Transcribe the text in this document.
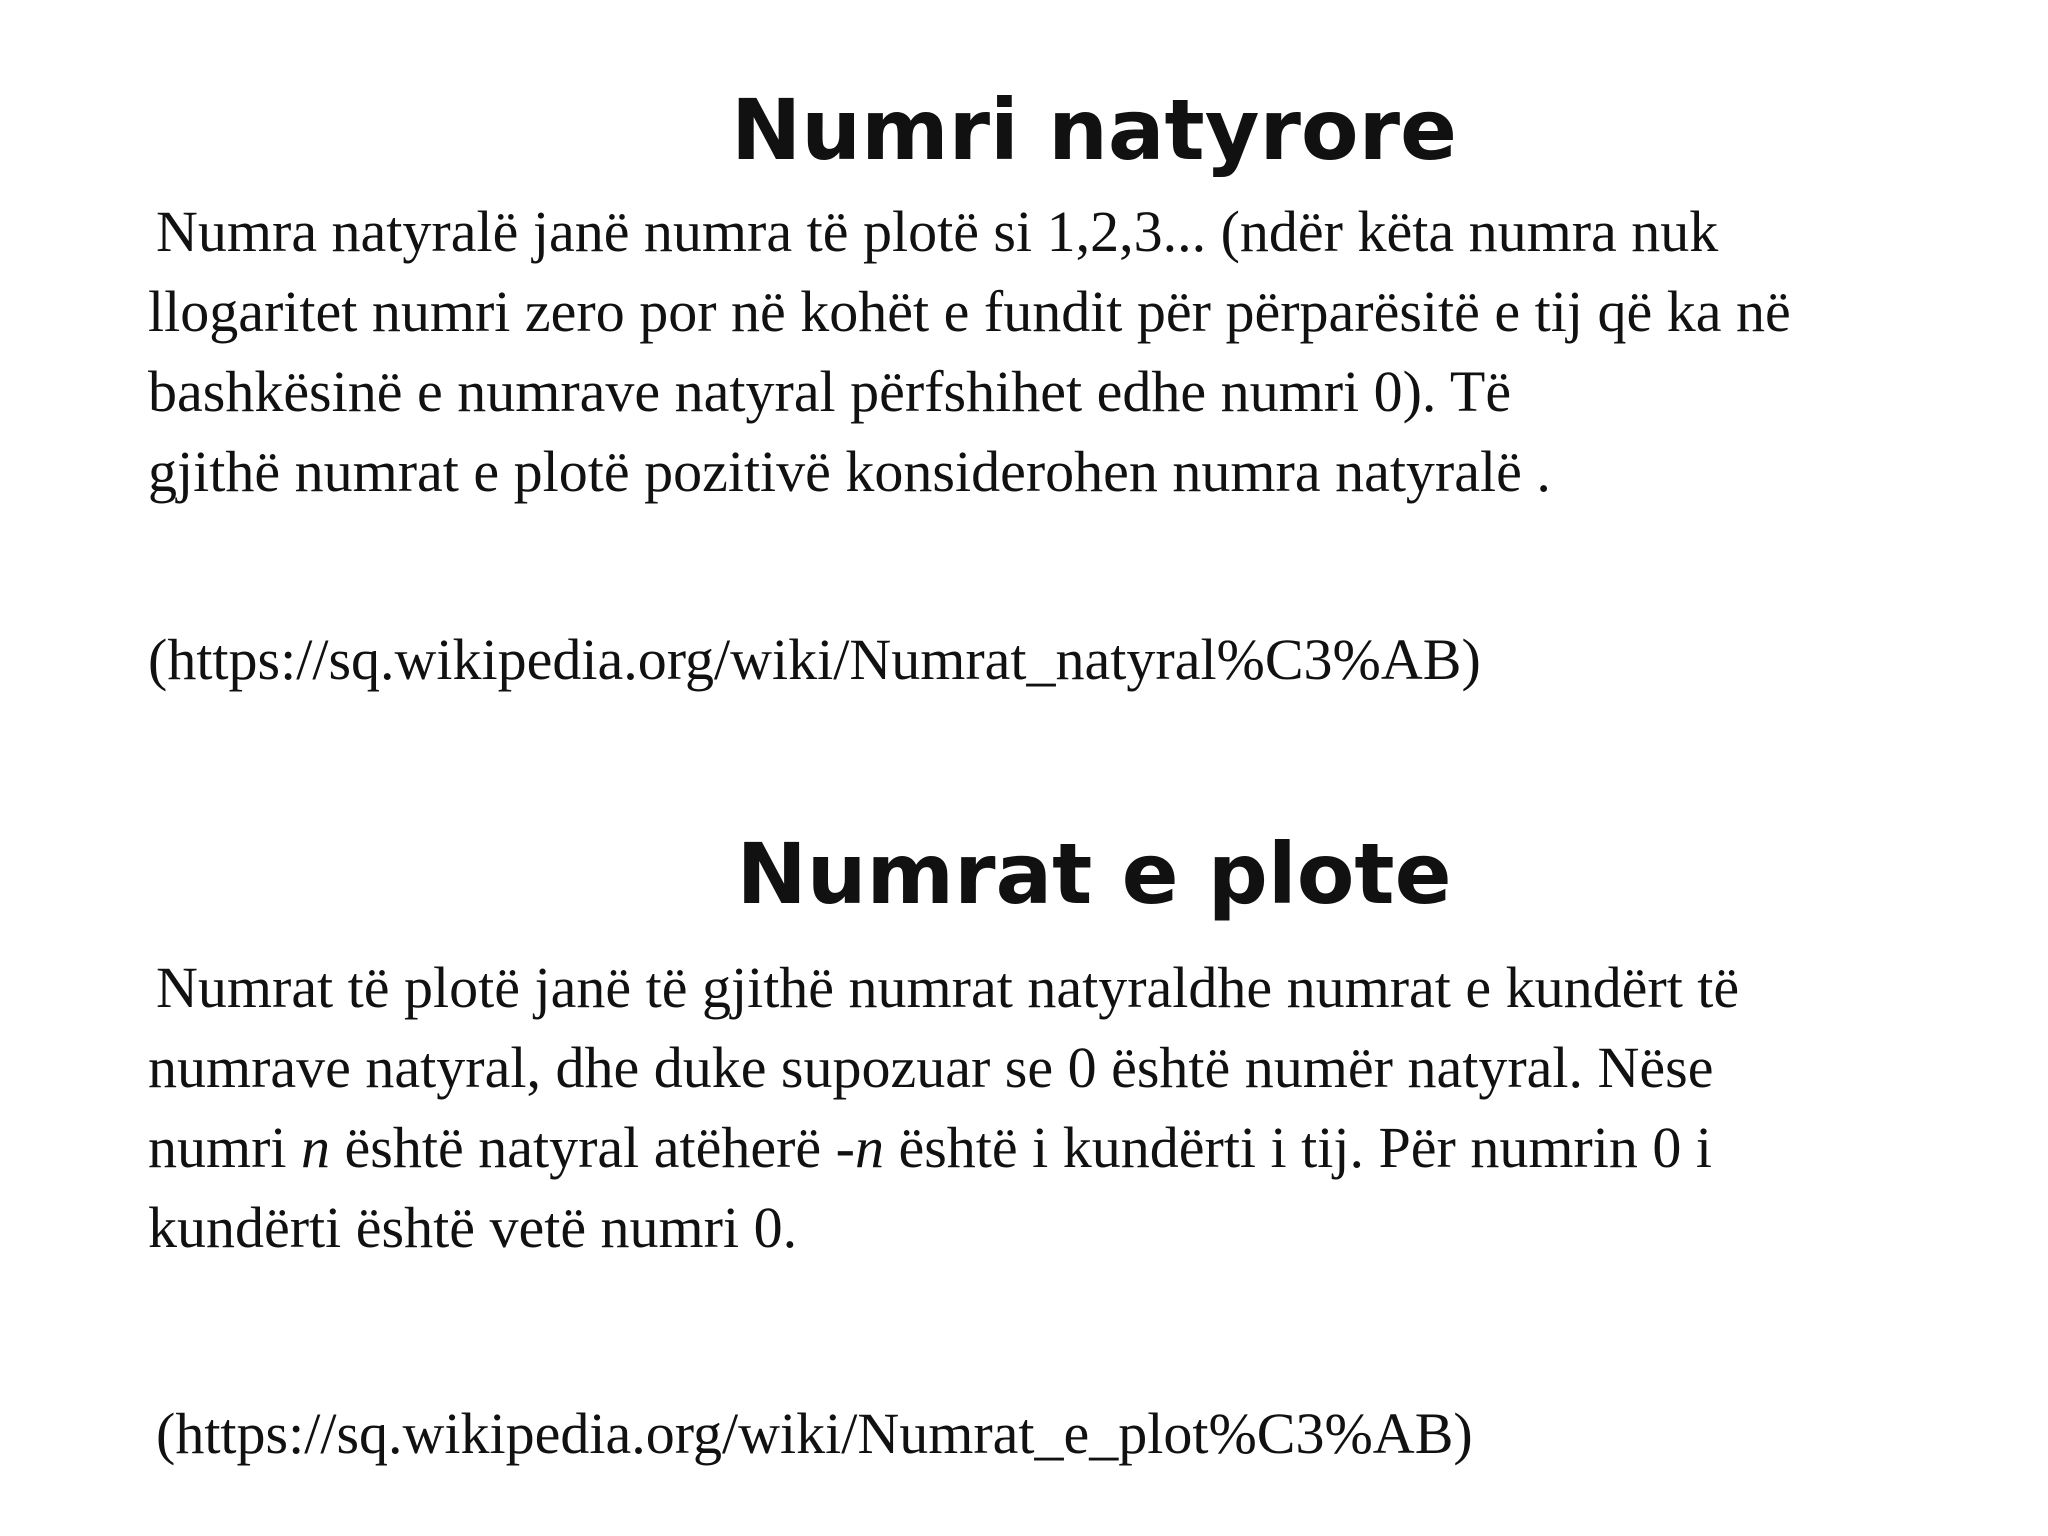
Numri natyrore

Numra natyralë janë numra të plotë si 1,2,3... (ndër këta numra nuk
llogaritet numri zero por në kohët e fundit për përparësitë e tij që ka në
bashkësinë e numrave natyral përfshihet edhe numri 0). Të
gjithë numrat e plotë pozitivë konsiderohen numra natyralë .

(https://sq.wikipedia.org/wiki/Numrat_natyral%C3%AB)

Numrat e plote

Numrat të plotë janë të gjithë numrat natyraldhe numrat e kundërt të
numrave natyral, dhe duke supozuar se 0 është numër natyral. Nëse
numri n është natyral atëherë -n është i kundërti i tij. Për numrin 0 i
kundërti është vetë numri 0.

(https://sq.wikipedia.org/wiki/Numrat_e_plot%C3%AB)
